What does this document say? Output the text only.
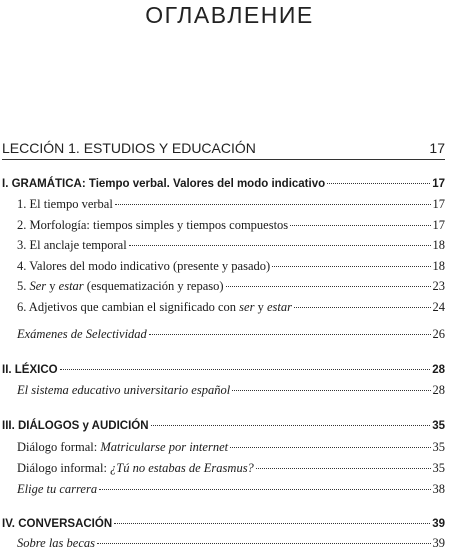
ОГЛАВЛЕНИЕ
LECCIÓN 1. ESTUDIOS Y EDUCACIÓN	17
I. GRAMÁTICA: Tiempo verbal. Valores del modo indicativo	17
1. El tiempo verbal	17
2. Morfología: tiempos simples y tiempos compuestos	17
3. El anclaje temporal	18
4. Valores del modo indicativo (presente y pasado)	18
5. Ser y estar (esquematización y repaso)	23
6. Adjetivos que cambian el significado con ser y estar	24
Exámenes de Selectividad	26
II. LÉXICO	28
El sistema educativo universitario español	28
III. DIÁLOGOS y AUDICIÓN	35
Diálogo formal: Matricularse por internet	35
Diálogo informal: ¿Tú no estabas de Erasmus?	35
Elige tu carrera	38
IV. CONVERSACIÓN	39
Sobre las becas	39
